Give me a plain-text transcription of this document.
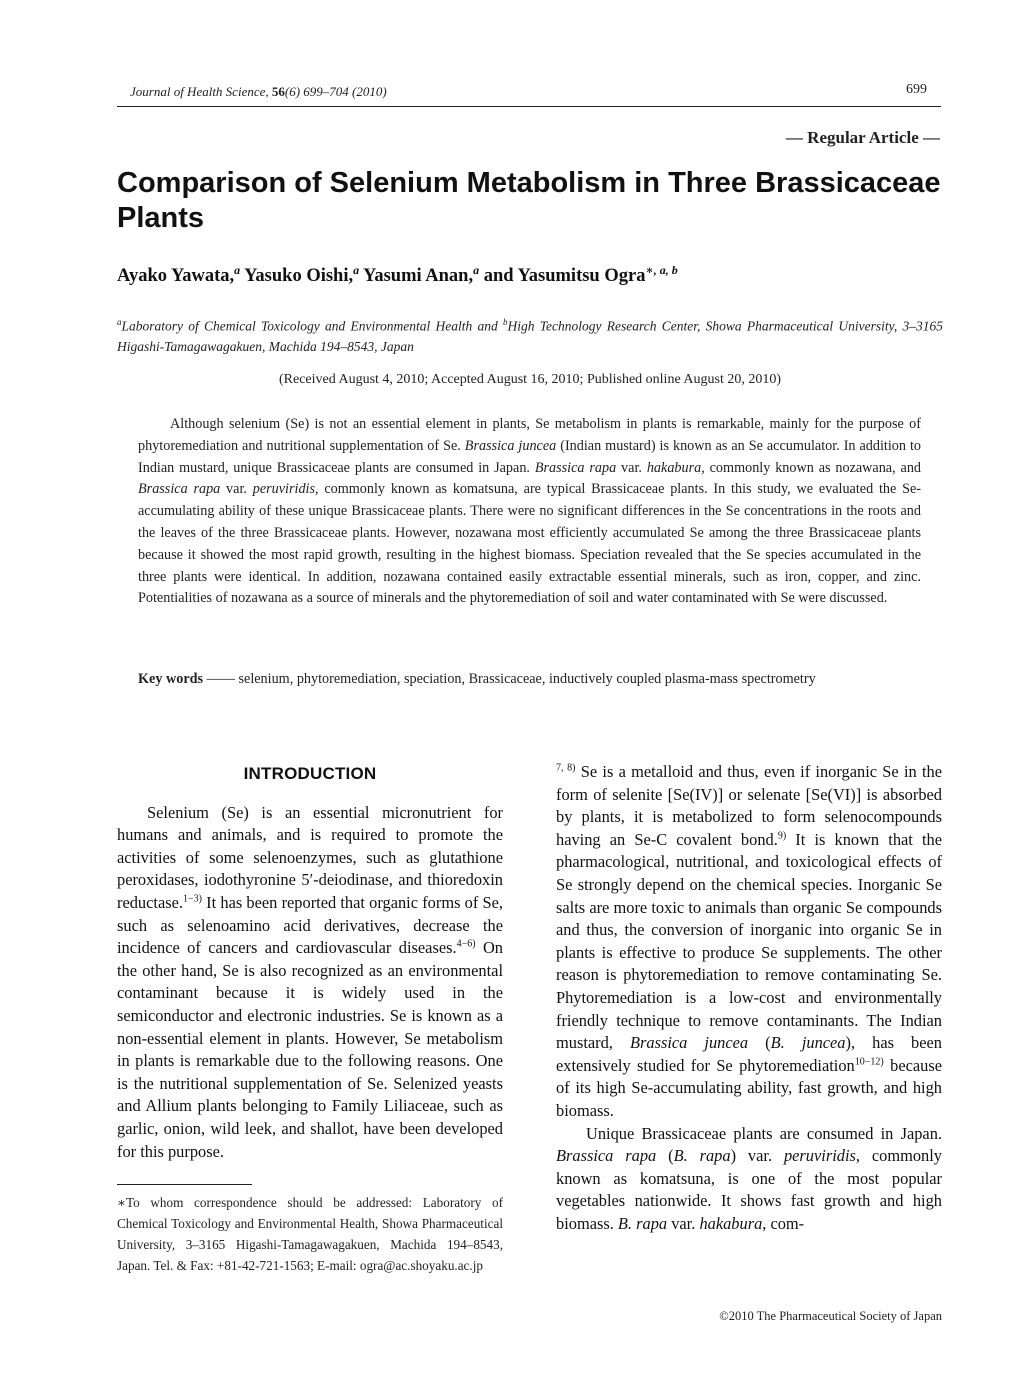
Journal of Health Science, 56(6) 699–704 (2010)	699
— Regular Article —
Comparison of Selenium Metabolism in Three Brassicaceae Plants
Ayako Yawata,$^a$ Yasuko Oishi,$^a$ Yasumi Anan,$^a$ and Yasumitsu Ogra$^{∗, a, b}$
$^a$Laboratory of Chemical Toxicology and Environmental Health and $^b$High Technology Research Center, Showa Pharmaceutical University, 3–3165 Higashi-Tamagawagakuen, Machida 194–8543, Japan
(Received August 4, 2010; Accepted August 16, 2010; Published online August 20, 2010)

Although selenium (Se) is not an essential element in plants, Se metabolism in plants is remarkable, mainly for the purpose of phytoremediation and nutritional supplementation of Se. Brassica juncea (Indian mustard) is known as an Se accumulator. In addition to Indian mustard, unique Brassicaceae plants are consumed in Japan. Brassica rapa var. hakabura, commonly known as nozawana, and Brassica rapa var. peruviridis, commonly known as komatsuna, are typical Brassicaceae plants. In this study, we evaluated the Se-accumulating ability of these unique Brassicaceae plants. There were no significant differences in the Se concentrations in the roots and the leaves of the three Brassicaceae plants. However, nozawana most efficiently accumulated Se among the three Brassicaceae plants because it showed the most rapid growth, resulting in the highest biomass. Speciation revealed that the Se species accumulated in the three plants were identical. In addition, nozawana contained easily extractable essential minerals, such as iron, copper, and zinc. Potentialities of nozawana as a source of minerals and the phytoremediation of soil and water contaminated with Se were discussed.

Key words —— selenium, phytoremediation, speciation, Brassicaceae, inductively coupled plasma-mass spectrometry
INTRODUCTION

Selenium (Se) is an essential micronutrient for humans and animals, and is required to promote the activities of some selenoenzymes, such as glutathione peroxidases, iodothyronine 5′-deiodinase, and thioredoxin reductase.$^{1-3)}$ It has been reported that organic forms of Se, such as selenoamino acid derivatives, decrease the incidence of cancers and cardiovascular diseases.$^{4-6)}$ On the other hand, Se is also recognized as an environmental contaminant because it is widely used in the semiconductor and electronic industries. Se is known as a non-essential element in plants. However, Se metabolism in plants is remarkable due to the following reasons. One is the nutritional supplementation of Se. Selenized yeasts and Allium plants belonging to Family Liliaceae, such as garlic, onion, wild leek, and shallot, have been developed for this purpose.

∗To whom correspondence should be addressed: Laboratory of Chemical Toxicology and Environmental Health, Showa Pharmaceutical University, 3–3165 Higashi-Tamagawagakuen, Machida 194–8543, Japan. Tel. & Fax: +81-42-721-1563; E-mail: ogra@ac.shoyaku.ac.jp

$^{7, 8)}$ Se is a metalloid and thus, even if inorganic Se in the form of selenite [Se(IV)] or selenate [Se(VI)] is absorbed by plants, it is metabolized to form selenocompounds having an Se-C covalent bond.$^{9)}$ It is known that the pharmacological, nutritional, and toxicological effects of Se strongly depend on the chemical species. Inorganic Se salts are more toxic to animals than organic Se compounds and thus, the conversion of inorganic into organic Se in plants is effective to produce Se supplements. The other reason is phytoremediation to remove contaminating Se. Phytoremediation is a low-cost and environmentally friendly technique to remove contaminants. The Indian mustard, Brassica juncea (B. juncea), has been extensively studied for Se phytoremediation$^{10-12)}$ because of its high Se-accumulating ability, fast growth, and high biomass.

Unique Brassicaceae plants are consumed in Japan. Brassica rapa (B. rapa) var. peruviridis, commonly known as komatsuna, is one of the most popular vegetables nationwide. It shows fast growth and high biomass. B. rapa var. hakabura, com-

©2010 The Pharmaceutical Society of Japan
